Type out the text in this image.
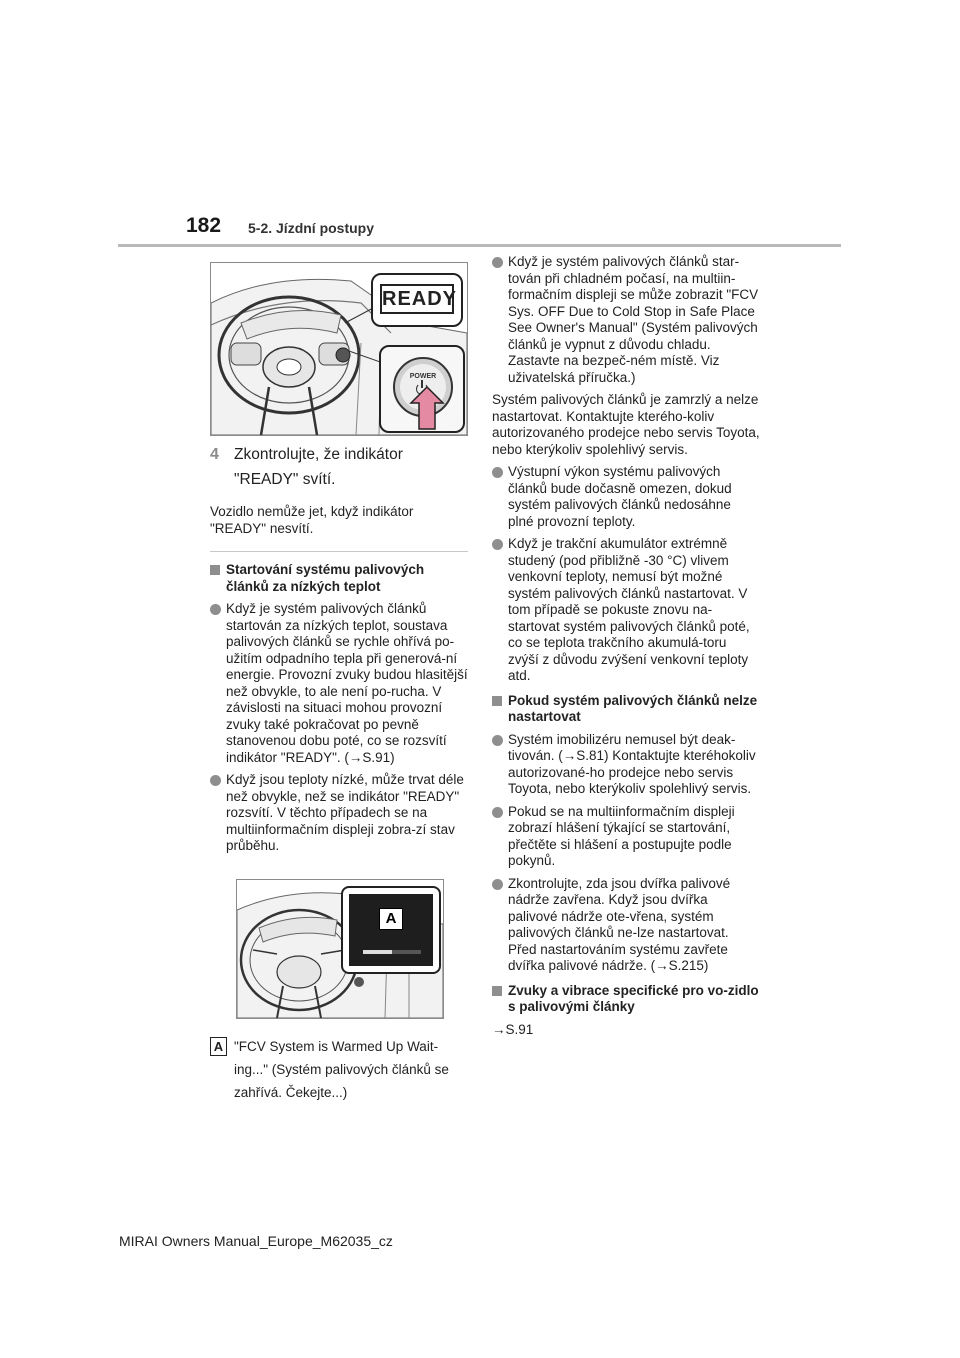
182 5-2. Jízdní postupy
READY
POWER
4 Zkontrolujte, že indikátor "READY" svítí.
Vozidlo nemůže jet, když indikátor "READY" nesvítí.
Startování systému palivových článků za nízkých teplot
Když je systém palivových článků startován za nízkých teplot, soustava palivových článků se rychle ohřívá po-užitím odpadního tepla při generová-ní energie. Provozní zvuky budou hlasitější než obvykle, to ale není po-rucha. V závislosti na situaci mohou provozní zvuky také pokračovat po pevně stanovenou dobu poté, co se rozsvítí indikátor "READY". (→S.91)
Když jsou teploty nízké, může trvat déle než obvykle, než se indikátor "READY" rozsvítí. V těchto případech se na multiinformačním displeji zobra-zí stav průběhu.
A
A "FCV System is Warmed Up Wait-ing..." (Systém palivových článků se zahřívá. Čekejte...)
Když je systém palivových článků star-tován při chladném počasí, na multiin-formačním displeji se může zobrazit "FCV Sys. OFF Due to Cold Stop in Safe Place See Owner's Manual" (Systém palivových článků je vypnut z důvodu chladu. Zastavte na bezpeč-ném místě. Viz uživatelská příručka.)
Systém palivových článků je zamrzlý a nelze nastartovat. Kontaktujte kterého-koliv autorizovaného prodejce nebo servis Toyota, nebo kterýkoliv spolehlivý servis.
Výstupní výkon systému palivových článků bude dočasně omezen, dokud systém palivových článků nedosáhne plné provozní teploty.
Když je trakční akumulátor extrémně studený (pod přibližně -30 °C) vlivem venkovní teploty, nemusí být možné systém palivových článků nastartovat. V tom případě se pokuste znovu na-startovat systém palivových článků poté, co se teplota trakčního akumulá-toru zvýší z důvodu zvýšení venkovní teploty atd.
Pokud systém palivových článků nelze nastartovat
Systém imobilizéru nemusel být deak-tivován. (→S.81) Kontaktujte kteréhokoliv autorizované-ho prodejce nebo servis Toyota, nebo kterýkoliv spolehlivý servis.
Pokud se na multiinformačním displeji zobrazí hlášení týkající se startování, přečtěte si hlášení a postupujte podle pokynů.
Zkontrolujte, zda jsou dvířka palivové nádrže zavřena. Když jsou dvířka palivové nádrže ote-vřena, systém palivových článků ne-lze nastartovat. Před nastartováním systému zavřete dvířka palivové nádrže. (→S.215)
Zvuky a vibrace specifické pro vo-zidlo s palivovými články
→S.91
MIRAI Owners Manual_Europe_M62035_cz
